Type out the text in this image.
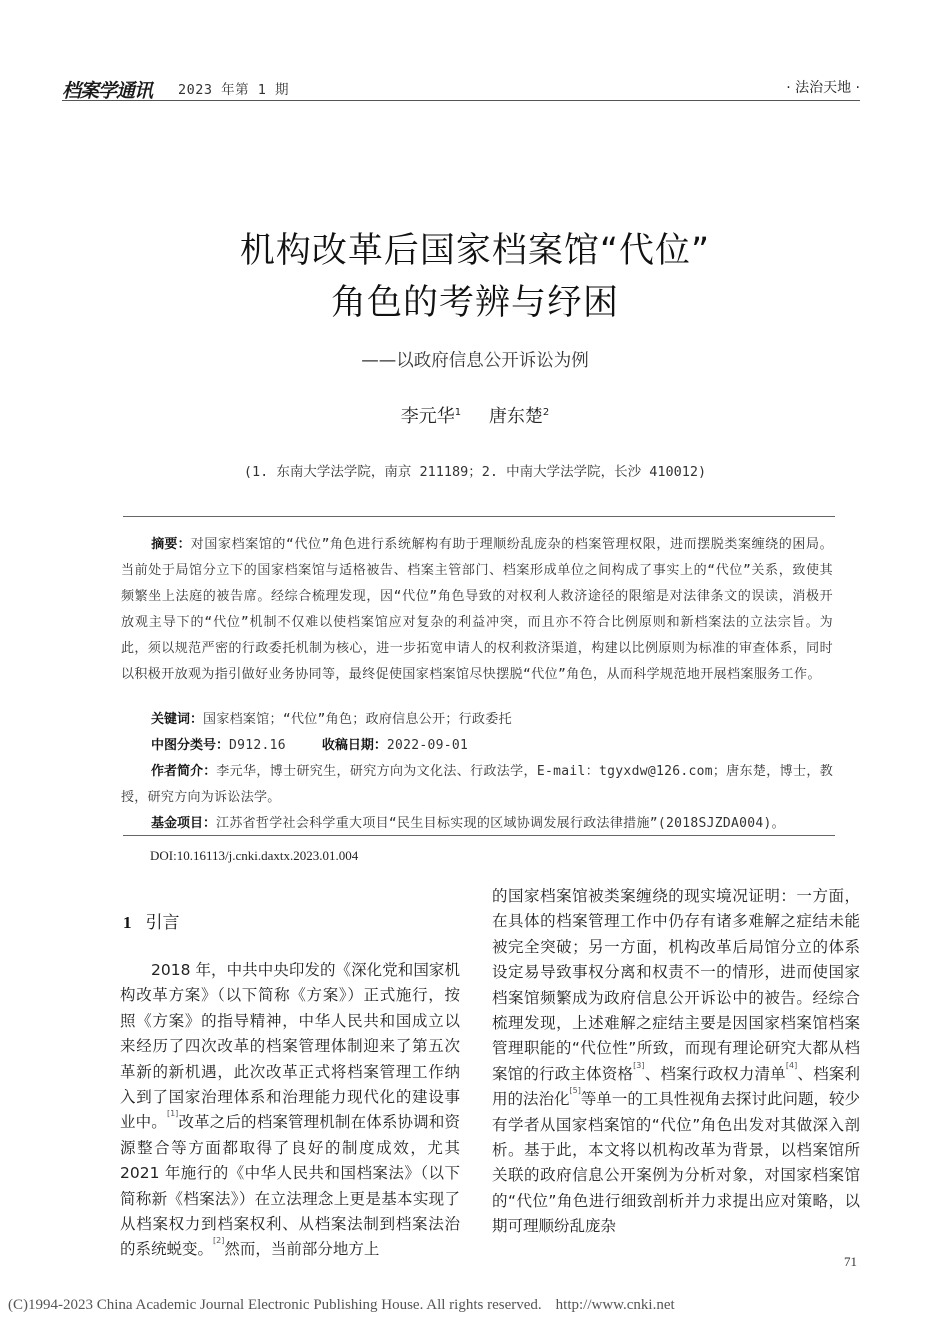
档案学通讯 2023 年第 1 期	· 法治天地 ·
机构改革后国家档案馆“代位”
角色的考辨与纾困
——以政府信息公开诉讼为例
李元华$^1$ 唐东楚$^2$
(1. 东南大学法学院，南京 211189；2. 中南大学法学院，长沙 410012)
摘要：对国家档案馆的“代位”角色进行系统解构有助于理顺纷乱庞杂的档案管理权限，进而摆脱类案缠绕的困局。当前处于局馆分立下的国家档案馆与适格被告、档案主管部门、档案形成单位之间构成了事实上的“代位”关系，致使其频繁坐上法庭的被告席。经综合梳理发现，因“代位”角色导致的对权利人救济途径的限缩是对法律条文的误读，消极开放观主导下的“代位”机制不仅难以使档案馆应对复杂的利益冲突，而且亦不符合比例原则和新档案法的立法宗旨。为此，须以规范严密的行政委托机制为核心，进一步拓宽申请人的权利救济渠道，构建以比例原则为标准的审查体系，同时以积极开放观为指引做好业务协同等，最终促使国家档案馆尽快摆脱“代位”角色，从而科学规范地开展档案服务工作。
关键词：国家档案馆；“代位”角色；政府信息公开；行政委托
中图分类号：D912.16	收稿日期：2022-09-01
作者简介：李元华，博士研究生，研究方向为文化法、行政法学，E-mail：tgyxdw@126.com；唐东楚，博士，教授，研究方向为诉讼法学。
基金项目：江苏省哲学社会科学重大项目“民生目标实现的区域协调发展行政法律措施”(2018SJZDA004)。
DOI:10.16113/j.cnki.daxtx.2023.01.004
1 引言
2018 年，中共中央印发的《深化党和国家机构改革方案》（以下简称《方案》）正式施行，按照《方案》的指导精神，中华人民共和国成立以来经历了四次改革的档案管理体制迎来了第五次革新的新机遇，此次改革正式将档案管理工作纳入到了国家治理体系和治理能力现代化的建设事业中。[1]改革之后的档案管理机制在体系协调和资源整合等方面都取得了良好的制度成效，尤其 2021 年施行的《中华人民共和国档案法》（以下简称新《档案法》）在立法理念上更是基本实现了从档案权力到档案权利、从档案法制到档案法治的系统蜕变。[2]然而，当前部分地方上
的国家档案馆被类案缠绕的现实境况证明：一方面，在具体的档案管理工作中仍存有诸多难解之症结未能被完全突破；另一方面，机构改革后局馆分立的体系设定易导致事权分离和权责不一的情形，进而使国家档案馆频繁成为政府信息公开诉讼中的被告。经综合梳理发现，上述难解之症结主要是因国家档案馆档案管理职能的“代位性”所致，而现有理论研究大都从档案馆的行政主体资格[3]、档案行政权力清单[4]、档案利用的法治化[5]等单一的工具性视角去探讨此问题，较少有学者从国家档案馆的“代位”角色出发对其做深入剖析。基于此，本文将以机构改革为背景，以档案馆所关联的政府信息公开案例为分析对象，对国家档案馆的“代位”角色进行细致剖析并力求提出应对策略，以期可理顺纷乱庞杂
71
(C)1994-2023 China Academic Journal Electronic Publishing House. All rights reserved. http://www.cnki.net
